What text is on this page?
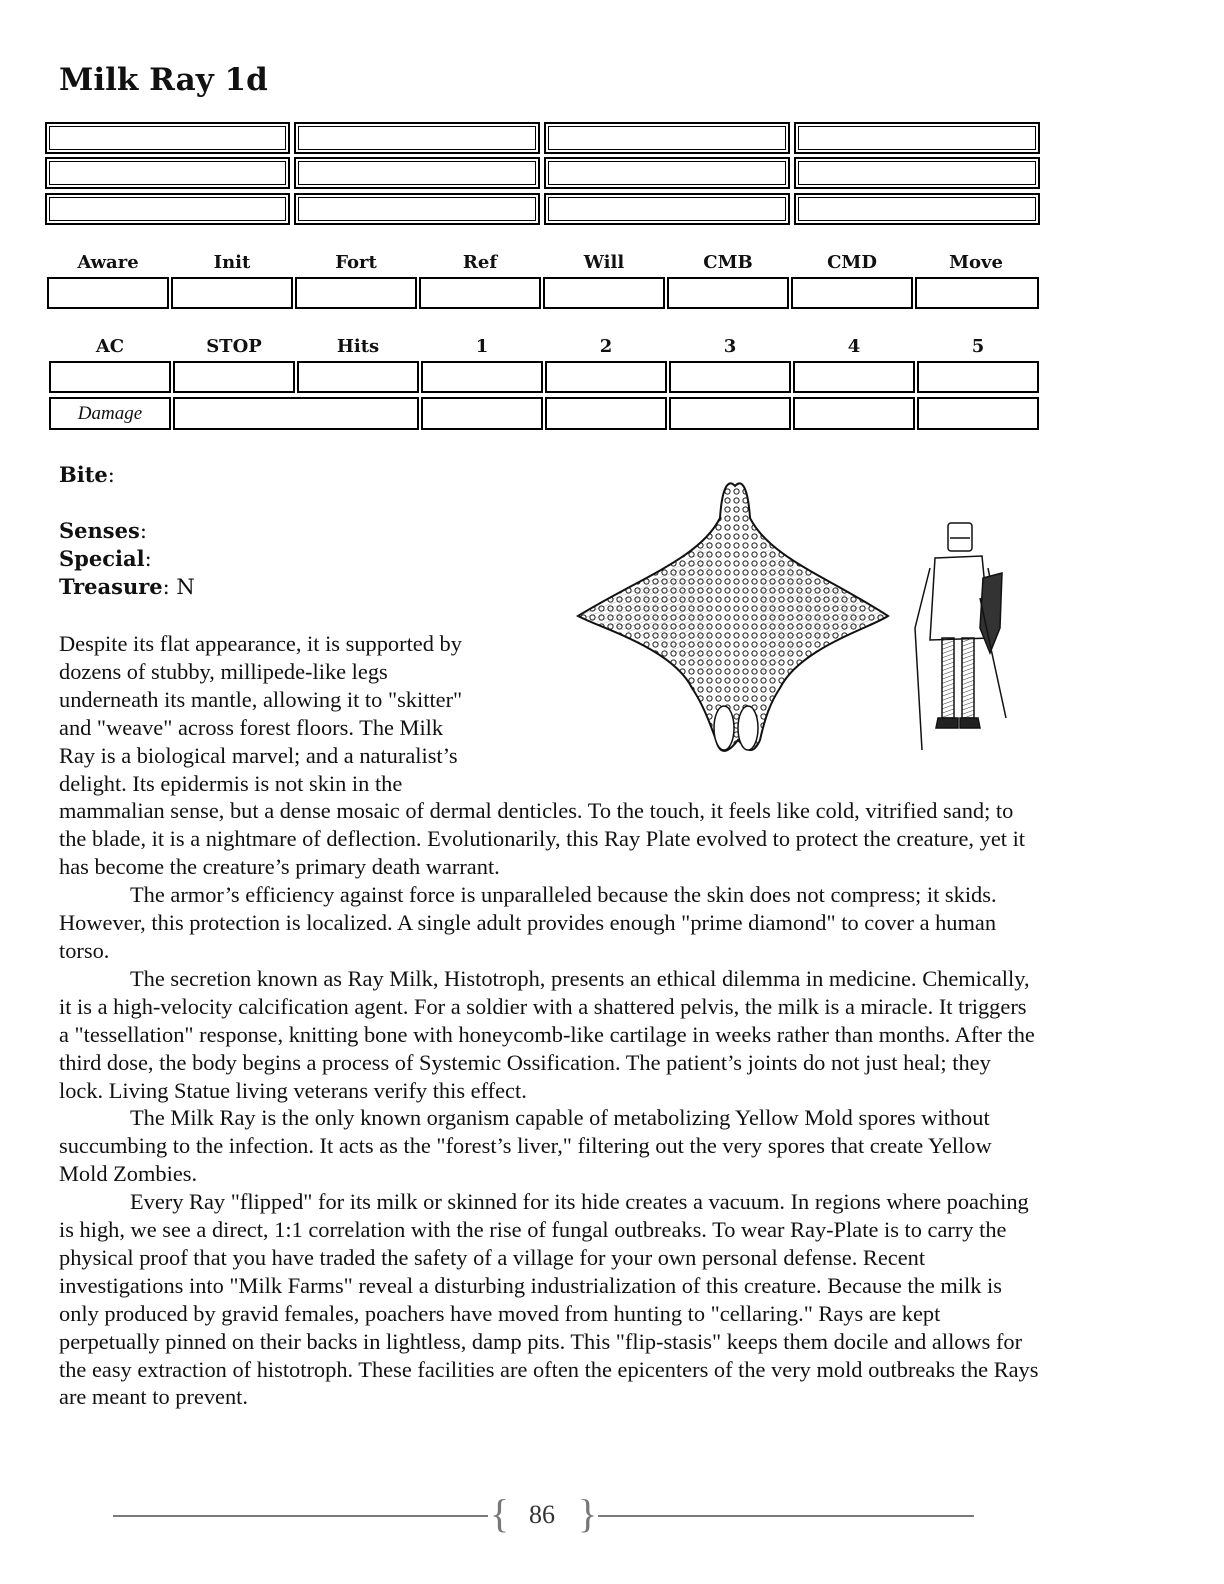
Milk Ray 1d
Aware	Init	Fort	Ref	Will	CMB	CMD	Move
AC	STOP	Hits	1	2	3	4	5
Damage
Bite:
Senses:
Special:
Treasure: N
Despite its flat appearance, it is supported by
dozens of stubby, millipede-like legs
underneath its mantle, allowing it to "skitter"
and "weave" across forest floors. The Milk
Ray is a biological marvel; and a naturalist’s
delight. Its epidermis is not skin in the
mammalian sense, but a dense mosaic of dermal denticles. To the touch, it feels like cold, vitrified sand; to the blade, it is a nightmare of deflection. Evolutionarily, this Ray Plate evolved to protect the creature, yet it has become the creature’s primary death warrant.
The armor’s efficiency against force is unparalleled because the skin does not compress; it skids. However, this protection is localized. A single adult provides enough "prime diamond" to cover a human torso.
The secretion known as Ray Milk, Histotroph, presents an ethical dilemma in medicine. Chemically, it is a high-velocity calcification agent. For a soldier with a shattered pelvis, the milk is a miracle. It triggers a "tessellation" response, knitting bone with honeycomb-like cartilage in weeks rather than months. After the third dose, the body begins a process of Systemic Ossification. The patient’s joints do not just heal; they lock. Living Statue living veterans verify this effect.
The Milk Ray is the only known organism capable of metabolizing Yellow Mold spores without succumbing to the infection. It acts as the "forest’s liver," filtering out the very spores that create Yellow Mold Zombies.
Every Ray "flipped" for its milk or skinned for its hide creates a vacuum. In regions where poaching is high, we see a direct, 1:1 correlation with the rise of fungal outbreaks. To wear Ray-Plate is to carry the physical proof that you have traded the safety of a village for your own personal defense. Recent investigations into "Milk Farms" reveal a disturbing industrialization of this creature. Because the milk is only produced by gravid females, poachers have moved from hunting to "cellaring." Rays are kept perpetually pinned on their backs in lightless, damp pits. This "flip-stasis" keeps them docile and allows for the easy extraction of histotroph. These facilities are often the epicenters of the very mold outbreaks the Rays are meant to prevent.
{ 86 }
